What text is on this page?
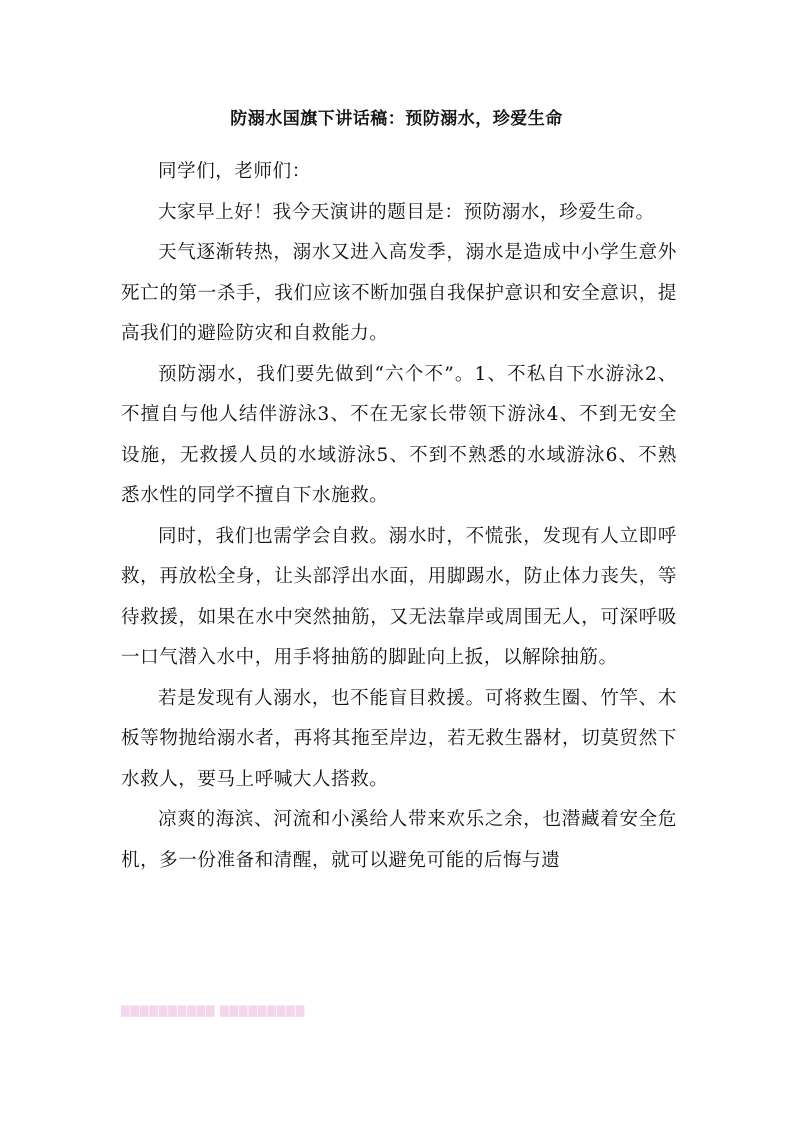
防溺水国旗下讲话稿：预防溺水，珍爱生命

同学们，老师们：

大家早上好！我今天演讲的题目是：预防溺水，珍爱生命。

天气逐渐转热，溺水又进入高发季，溺水是造成中小学生意外死亡的第一杀手，我们应该不断加强自我保护意识和安全意识，提高我们的避险防灾和自救能力。

预防溺水，我们要先做到“六个不”。1、不私自下水游泳2、不擅自与他人结伴游泳3、不在无家长带领下游泳4、不到无安全设施，无救援人员的水域游泳5、不到不熟悉的水域游泳6、不熟悉水性的同学不擅自下水施救。

同时，我们也需学会自救。溺水时，不慌张，发现有人立即呼救，再放松全身，让头部浮出水面，用脚踢水，防止体力丧失，等待救援，如果在水中突然抽筋，又无法靠岸或周围无人，可深呼吸一口气潜入水中，用手将抽筋的脚趾向上扳，以解除抽筋。

若是发现有人溺水，也不能盲目救援。可将救生圈、竹竿、木板等物抛给溺水者，再将其拖至岸边，若无救生器材，切莫贸然下水救人，要马上呼喊大人搭救。

凉爽的海滨、河流和小溪给人带来欢乐之余，也潜藏着安全危机，多一份准备和清醒，就可以避免可能的后悔与遗

▇▇▇▇▇▇▇▇▇▇ ▇▇▇▇▇▇▇▇▇
